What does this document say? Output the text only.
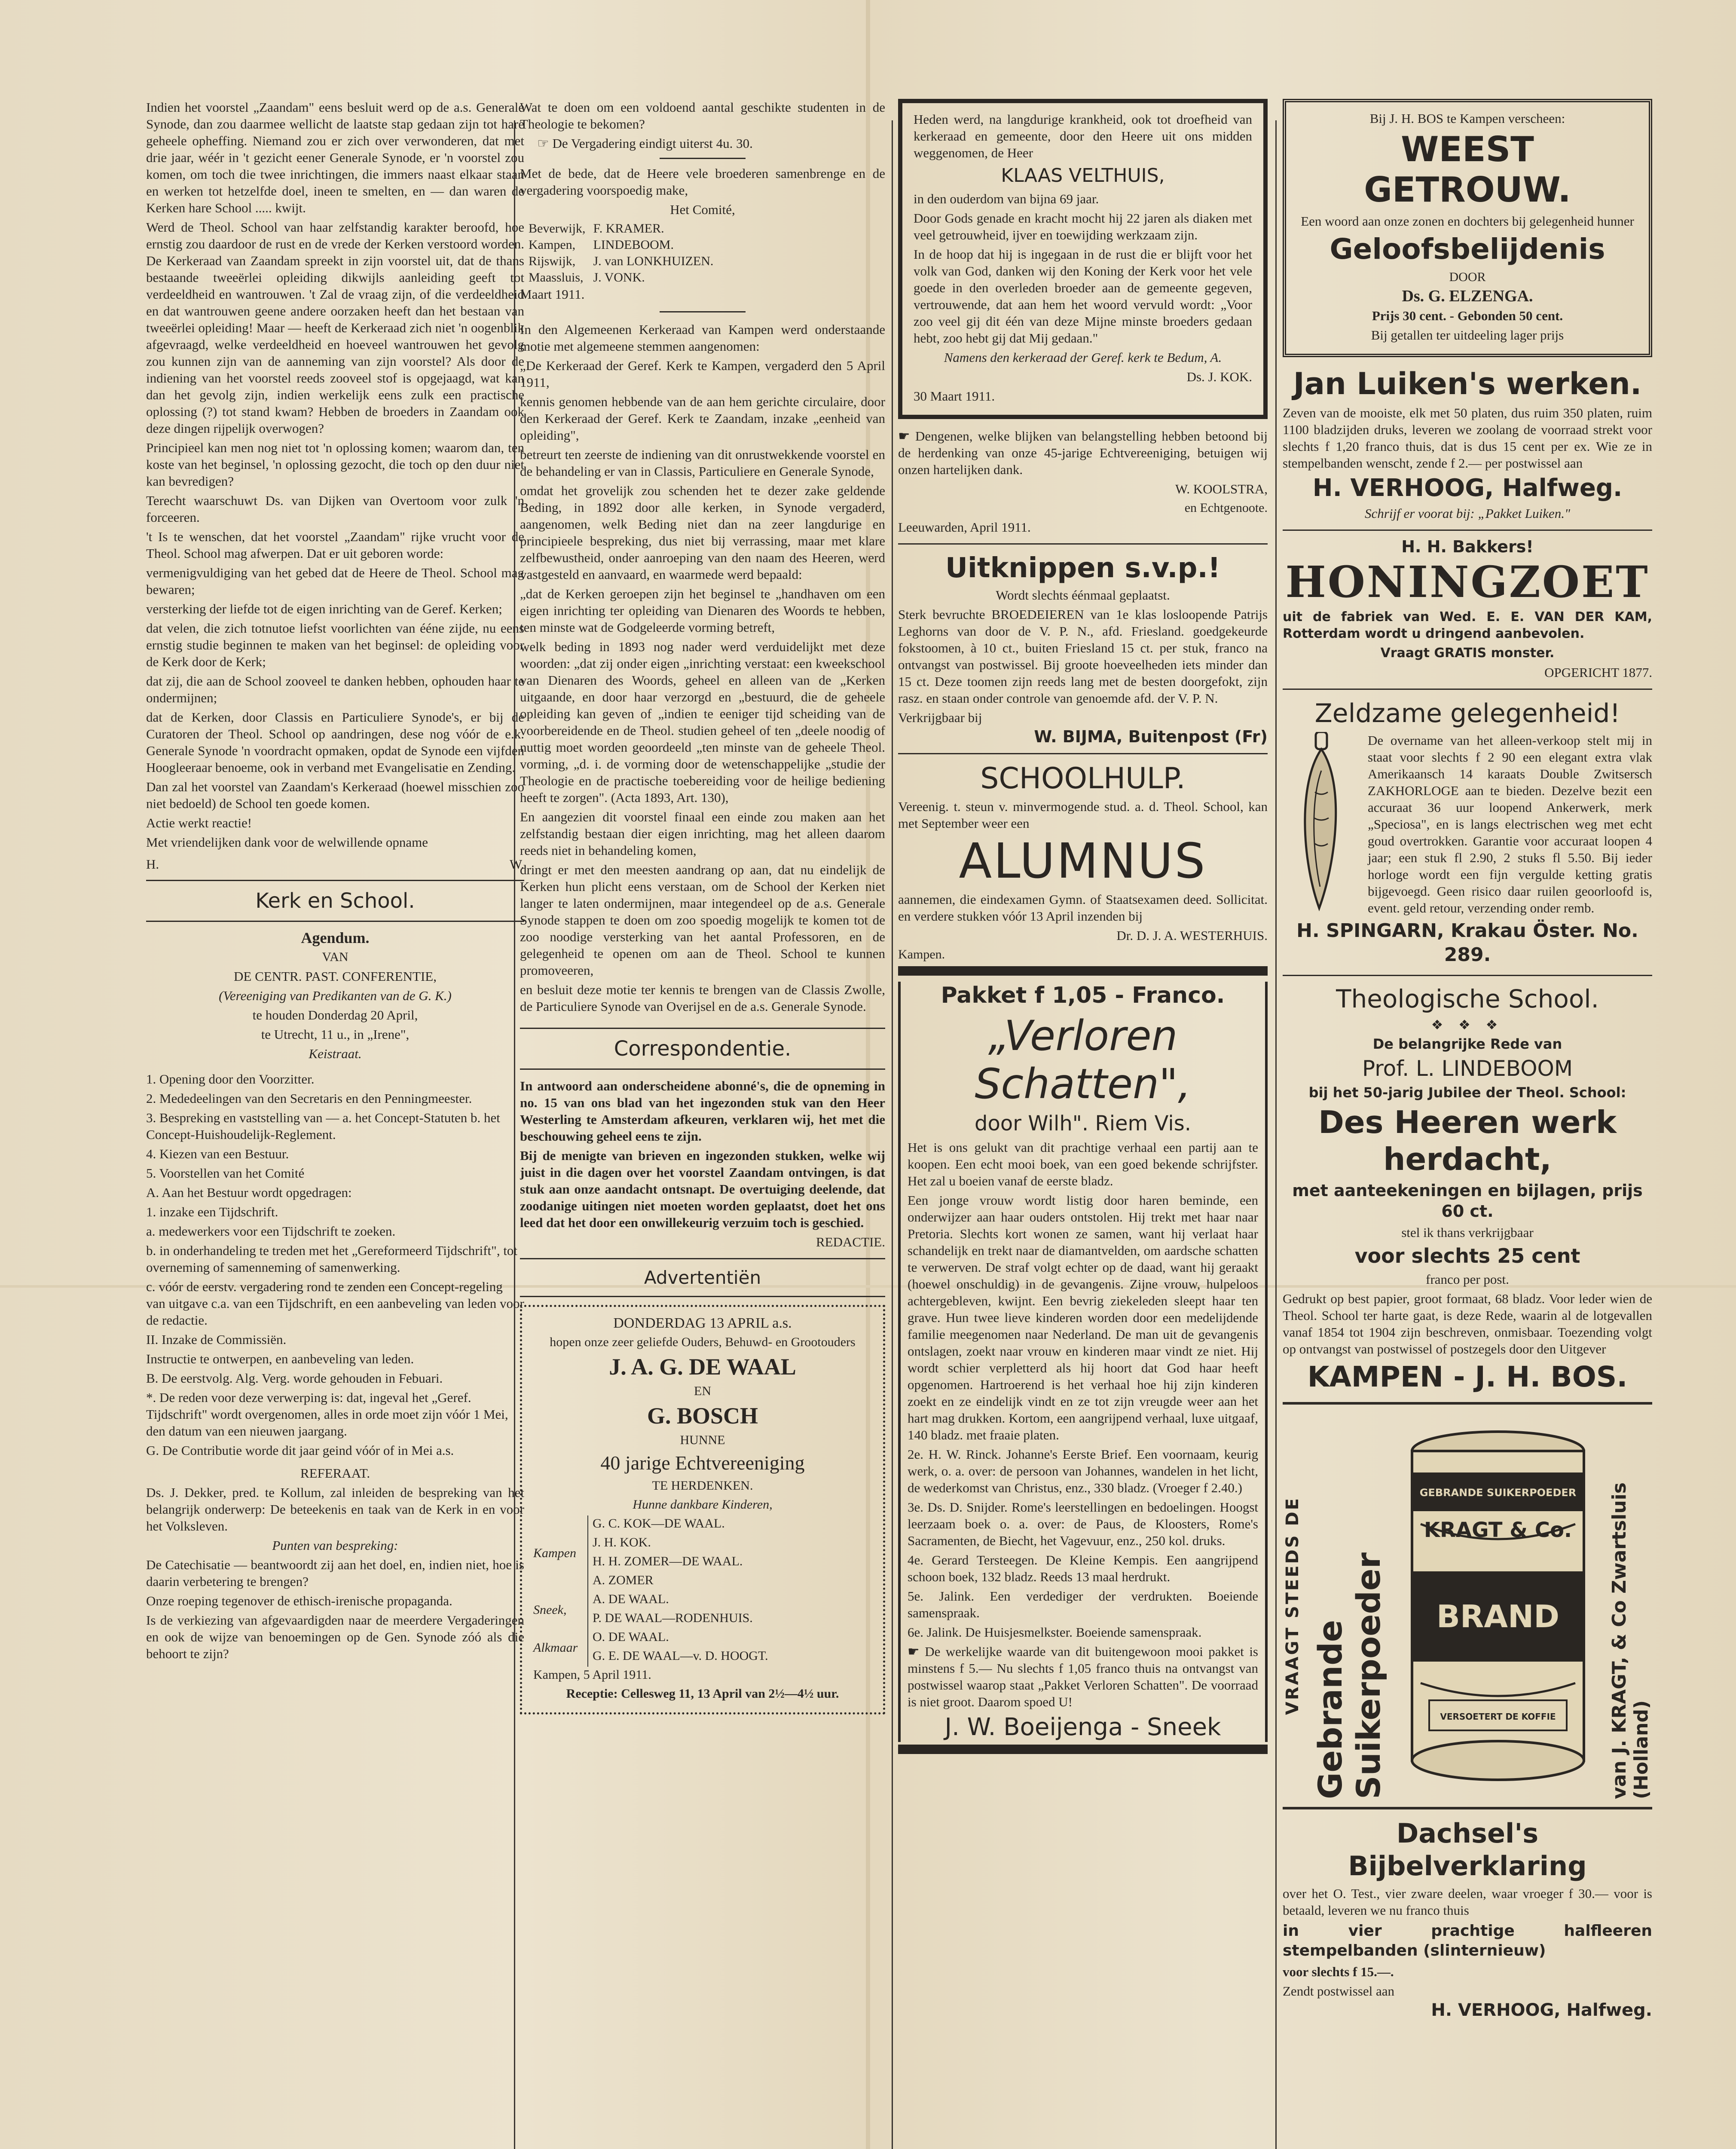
Indien het voorstel „Zaandam" eens besluit werd op de a.s. Generale Synode, dan zou daarmee wellicht de laatste stap gedaan zijn tot hare geheele opheffing. Niemand zou er zich over verwonderen, dat met drie jaar, wéér in 't gezicht eener Generale Synode, er 'n voorstel zou komen, om toch die twee inrichtingen, die immers naast elkaar staan en werken tot hetzelfde doel, ineen te smelten, en — dan waren de Kerken hare School ..... kwijt.

Werd de Theol. School van haar zelfstandig karakter beroofd, hoe ernstig zou daardoor de rust en de vrede der Kerken verstoord worden. De Kerkeraad van Zaandam spreekt in zijn voorstel uit, dat de thans bestaande tweeërlei opleiding dikwijls aanleiding geeft tot verdeeldheid en wantrouwen. 't Zal de vraag zijn, of die verdeeldheid en dat wantrouwen geene andere oorzaken heeft dan het bestaan van tweeërlei opleiding! Maar — heeft de Kerkeraad zich niet 'n oogenblik afgevraagd, welke verdeeldheid en hoeveel wantrouwen het gevolg zou kunnen zijn van de aanneming van zijn voorstel? Als door de indiening van het voorstel reeds zooveel stof is opgejaagd, wat kan dan het gevolg zijn, indien werkelijk eens zulk een practische oplossing (?) tot stand kwam? Hebben de broeders in Zaandam ook deze dingen rijpelijk overwogen?

Principieel kan men nog niet tot 'n oplossing komen; waarom dan, ten koste van het beginsel, 'n oplossing gezocht, die toch op den duur niet kan bevredigen?

Terecht waarschuwt Ds. van Dijken van Overtoom voor zulk 'n forceeren.

't Is te wenschen, dat het voorstel „Zaandam" rijke vrucht voor de Theol. School mag afwerpen. Dat er uit geboren worde:

vermenigvuldiging van het gebed dat de Heere de Theol. School mag bewaren;

versterking der liefde tot de eigen inrichting van de Geref. Kerken;

dat velen, die zich totnutoe liefst voorlichten van ééne zijde, nu eens ernstig studie beginnen te maken van het beginsel: de opleiding voor de Kerk door de Kerk;

dat zij, die aan de School zooveel te danken hebben, ophouden haar te ondermijnen;

dat de Kerken, door Classis en Particuliere Synode's, er bij de Curatoren der Theol. School op aandringen, dese nog vóór de e.k. Generale Synode 'n voordracht opmaken, opdat de Synode een vijfden Hoogleeraar benoeme, ook in verband met Evangelisatie en Zending.

Dan zal het voorstel van Zaandam's Kerkeraad (hoewel misschien zoo niet bedoeld) de School ten goede komen.

Actie werkt reactie!

Met vriendelijken dank voor de welwillende opname

H.	W.
Kerk en School.

Agendum.

VAN

DE CENTR. PAST. CONFERENTIE,

(Vereeniging van Predikanten van de G. K.)

te houden Donderdag 20 April,

te Utrecht, 11 u., in „Irene",

Keistraat.

1. Opening door den Voorzitter.

2. Mededeelingen van den Secretaris en den Penningmeester.

3. Bespreking en vaststelling van — a. het Concept-Statuten b. het Concept-Huishoudelijk-Reglement.

4. Kiezen van een Bestuur.

5. Voorstellen van het Comité

A. Aan het Bestuur wordt opgedragen:

1. inzake een Tijdschrift.

a. medewerkers voor een Tijdschrift te zoeken.

b. in onderhandeling te treden met het „Gereformeerd Tijdschrift", tot overneming of samenneming of samenwerking.

c. vóór de eerstv. vergadering rond te zenden een Concept-regeling van uitgave c.a. van een Tijdschrift, en een aanbeveling van leden voor de redactie.

II. Inzake de Commissiën.

Instructie te ontwerpen, en aanbeveling van leden.

B. De eerstvolg. Alg. Verg. worde gehouden in Febuari.

*. De reden voor deze verwerping is: dat, ingeval het „Geref. Tijdschrift" wordt overgenomen, alles in orde moet zijn vóór 1 Mei, den datum van een nieuwen jaargang.

G. De Contributie worde dit jaar geind vóór of in Mei a.s.

REFERAAT.

Ds. J. Dekker, pred. te Kollum, zal inleiden de bespreking van het belangrijk onderwerp: De beteekenis en taak van de Kerk in en voor het Volksleven.

Punten van bespreking:

De Catechisatie — beantwoordt zij aan het doel, en, indien niet, hoe is daarin verbetering te brengen?

Onze roeping tegenover de ethisch-irenische propaganda.

Is de verkiezing van afgevaardigden naar de meerdere Vergaderingen en ook de wijze van benoemingen op de Gen. Synode zóó als die behoort te zijn?

Wat te doen om een voldoend aantal geschikte studenten in de Theologie te bekomen?

☞ De Vergadering eindigt uiterst 4u. 30.

Met de bede, dat de Heere vele broederen samenbrenge en de vergadering voorspoedig make,

Het Comité,

Beverwijk,	F. KRAMER.
Kampen,	LINDEBOOM.
Rijswijk,	J. van LONKHUIZEN.
Maassluis,	J. VONK.

Maart 1911.

In den Algemeenen Kerkeraad van Kampen werd onderstaande motie met algemeene stemmen aangenomen:

„De Kerkeraad der Geref. Kerk te Kampen, vergaderd den 5 April 1911,

kennis genomen hebbende van de aan hem gerichte circulaire, door den Kerkeraad der Geref. Kerk te Zaandam, inzake „eenheid van opleiding",

betreurt ten zeerste de indiening van dit onrustwekkende voorstel en de behandeling er van in Classis, Particuliere en Generale Synode,

omdat het grovelijk zou schenden het te dezer zake geldende Beding, in 1892 door alle kerken, in Synode vergaderd, aangenomen, welk Beding niet dan na zeer langdurige en principieele bespreking, dus niet bij verrassing, maar met klare zelfbewustheid, onder aanroeping van den naam des Heeren, werd vastgesteld en aanvaard, en waarmede werd bepaald:

„dat de Kerken geroepen zijn het beginsel te „handhaven om een eigen inrichting ter opleiding van Dienaren des Woords te hebben, ten minste wat de Godgeleerde vorming betreft,

welk beding in 1893 nog nader werd verduidelijkt met deze woorden: „dat zij onder eigen „inrichting verstaat: een kweekschool van Dienaren des Woords, geheel en alleen van de „Kerken uitgaande, en door haar verzorgd en „bestuurd, die de geheele opleiding kan geven of „indien te eeniger tijd scheiding van de voorbereidende en de Theol. studien geheel of ten „deele noodig of nuttig moet worden geoordeeld „ten minste van de geheele Theol. vorming, „d. i. de vorming door de wetenschappelijke „studie der Theologie en de practische toebereiding voor de heilige bediening heeft te zorgen". (Acta 1893, Art. 130),

En aangezien dit voorstel finaal een einde zou maken aan het zelfstandig bestaan dier eigen inrichting, mag het alleen daarom reeds niet in behandeling komen,

dringt er met den meesten aandrang op aan, dat nu eindelijk de Kerken hun plicht eens verstaan, om de School der Kerken niet langer te laten ondermijnen, maar integendeel op de a.s. Generale Synode stappen te doen om zoo spoedig mogelijk te komen tot de zoo noodige versterking van het aantal Professoren, en de gelegenheid te openen om aan de Theol. School te kunnen promoveeren,

en besluit deze motie ter kennis te brengen van de Classis Zwolle, de Particuliere Synode van Overijsel en de a.s. Generale Synode.

Correspondentie.

In antwoord aan onderscheidene abonné's, die de opneming in no. 15 van ons blad van het ingezonden stuk van den Heer Westerling te Amsterdam afkeuren, verklaren wij, het met die beschouwing geheel eens te zijn.

Bij de menigte van brieven en ingezonden stukken, welke wij juist in die dagen over het voorstel Zaandam ontvingen, is dat stuk aan onze aandacht ontsnapt. De overtuiging deelende, dat zoodanige uitingen niet moeten worden geplaatst, doet het ons leed dat het door een onwillekeurig verzuim toch is geschied.

REDACTIE.

Advertentiën

DONDERDAG 13 APRIL a.s.

hopen onze zeer geliefde Ouders, Behuwd- en Grootouders

J. A. G. DE WAAL

EN

G. BOSCH

HUNNE

40 jarige Echtvereeniging

TE HERDENKEN.

Hunne dankbare Kinderen,

Kampen

G. C. KOK—DE WAAL.

J. H. KOK.

H. H. ZOMER—DE WAAL.

A. ZOMER

Sneek,

A. DE WAAL.

P. DE WAAL—RODENHUIS.

Alkmaar

O. DE WAAL.

G. E. DE WAAL—v. D. HOOGT.

Kampen, 5 April 1911.

Receptie: Cellesweg 11, 13 April van 2½—4½ uur.

Heden werd, na langdurige krankheid, ook tot droefheid van kerkeraad en gemeente, door den Heere uit ons midden weggenomen, de Heer

KLAAS VELTHUIS,

in den ouderdom van bijna 69 jaar.

Door Gods genade en kracht mocht hij 22 jaren als diaken met veel getrouwheid, ijver en toewijding werkzaam zijn.

In de hoop dat hij is ingegaan in de rust die er blijft voor het volk van God, danken wij den Koning der Kerk voor het vele goede in den overleden broeder aan de gemeente gegeven, vertrouwende, dat aan hem het woord vervuld wordt: „Voor zoo veel gij dit één van deze Mijne minste broeders gedaan hebt, zoo hebt gij dat Mij gedaan."

Namens den kerkeraad der Geref. kerk te Bedum, A.

Ds. J. KOK.

30 Maart 1911.

☛ Dengenen, welke blijken van belangstelling hebben betoond bij de herdenking van onze 45-jarige Echtvereeniging, betuigen wij onzen hartelijken dank.

W. KOOLSTRA,

en Echtgenoote.

Leeuwarden, April 1911.

Uitknippen s.v.p.!

Wordt slechts éénmaal geplaatst.

Sterk bevruchte BROEDEIEREN van 1e klas losloopende Patrijs Leghorns van door de V. P. N., afd. Friesland. goedgekeurde fokstoomen, à 10 ct., buiten Friesland 15 ct. per stuk, franco na ontvangst van postwissel. Bij groote hoeveelheden iets minder dan 15 ct. Deze toomen zijn reeds lang met de besten doorgefokt, zijn rasz. en staan onder controle van genoemde afd. der V. P. N.

Verkrijgbaar bij

W. BIJMA, Buitenpost (Fr)

SCHOOLHULP.

Vereenig. t. steun v. minvermogende stud. a. d. Theol. School, kan met September weer een

ALUMNUS

aannemen, die eindexamen Gymn. of Staatsexamen deed. Sollicitat. en verdere stukken vóór 13 April inzenden bij

Dr. D. J. A. WESTERHUIS.

Kampen.

Pakket f 1,05 - Franco.

„Verloren Schatten",

door Wilh". Riem Vis.

Het is ons gelukt van dit prachtige verhaal een partij aan te koopen. Een echt mooi boek, van een goed bekende schrijfster. Het zal u boeien vanaf de eerste bladz.

Een jonge vrouw wordt listig door haren beminde, een onderwijzer aan haar ouders ontstolen. Hij trekt met haar naar Pretoria. Slechts kort wonen ze samen, want hij verlaat haar schandelijk en trekt naar de diamantvelden, om aardsche schatten te verwerven. De straf volgt echter op de daad, want hij geraakt (hoewel onschuldig) in de gevangenis. Zijne vrouw, hulpeloos achtergebleven, kwijnt. Een bevrig ziekeleden sleept haar ten grave. Hun twee lieve kinderen worden door een medelijdende familie meegenomen naar Nederland. De man uit de gevangenis ontslagen, zoekt naar vrouw en kinderen maar vindt ze niet. Hij wordt schier verpletterd als hij hoort dat God haar heeft opgenomen. Hartroerend is het verhaal hoe hij zijn kinderen zoekt en ze eindelijk vindt en ze tot zijn vreugde weer aan het hart mag drukken. Kortom, een aangrijpend verhaal, luxe uitgaaf, 140 bladz. met fraaie platen.

2e. H. W. Rinck. Johanne's Eerste Brief. Een voornaam, keurig werk, o. a. over: de persoon van Johannes, wandelen in het licht, de wederkomst van Christus, enz., 330 bladz. (Vroeger f 2.40.)

3e. Ds. D. Snijder. Rome's leerstellingen en bedoelingen. Hoogst leerzaam boek o. a. over: de Paus, de Kloosters, Rome's Sacramenten, de Biecht, het Vagevuur, enz., 250 kol. druks.

4e. Gerard Tersteegen. De Kleine Kempis. Een aangrijpend schoon boek, 132 bladz. Reeds 13 maal herdrukt.

5e. Jalink. Een verdediger der verdrukten. Boeiende samenspraak.

6e. Jalink. De Huisjesmelkster. Boeiende samenspraak.

☛ De werkelijke waarde van dit buitengewoon mooi pakket is minstens f 5.— Nu slechts f 1,05 franco thuis na ontvangst van postwissel waarop staat „Pakket Verloren Schatten". De voorraad is niet groot. Daarom spoed U!

J. W. Boeijenga - Sneek

Bij J. H. BOS te Kampen verscheen:

WEEST GETROUW.

Een woord aan onze zonen en dochters bij gelegenheid hunner

Geloofsbelijdenis

DOOR

Ds. G. ELZENGA.

Prijs 30 cent. - Gebonden 50 cent.

Bij getallen ter uitdeeling lager prijs

Jan Luiken's werken.

Zeven van de mooiste, elk met 50 platen, dus ruim 350 platen, ruim 1100 bladzijden druks, leveren we zoolang de voorraad strekt voor slechts f 1,20 franco thuis, dat is dus 15 cent per ex. Wie ze in stempelbanden wenscht, zende f 2.— per postwissel aan

H. VERHOOG, Halfweg.

Schrijf er voorat bij: „Pakket Luiken."

H. H. Bakkers!

HONINGZOET

uit de fabriek van Wed. E. E. VAN DER KAM, Rotterdam wordt u dringend aanbevolen.

Vraagt GRATIS monster.

OPGERICHT 1877.

Zeldzame gelegenheid!

De overname van het alleen-verkoop stelt mij in staat voor slechts f 2 90 een elegant extra vlak Amerikaansch 14 karaats Double Zwitsersch ZAKHORLOGE aan te bieden. Dezelve bezit een accuraat 36 uur loopend Ankerwerk, merk „Speciosa", en is langs electrischen weg met echt goud overtrokken. Garantie voor accuraat loopen 4 jaar; een stuk fl 2.90, 2 stuks fl 5.50. Bij ieder horloge wordt een fijn vergulde ketting gratis bijgevoegd. Geen risico daar ruilen geoorloofd is, event. geld retour, verzending onder remb.

H. SPINGARN, Krakau Öster. No. 289.

Theologische School.

❖ ❖ ❖

De belangrijke Rede van

Prof. L. LINDEBOOM

bij het 50-jarig Jubilee der Theol. School:

Des Heeren werk herdacht,

met aanteekeningen en bijlagen, prijs 60 ct.

stel ik thans verkrijgbaar

voor slechts 25 cent

franco per post.

Gedrukt op best papier, groot formaat, 68 bladz. Voor leder wien de Theol. School ter harte gaat, is deze Rede, waarin al de lotgevallen vanaf 1854 tot 1904 zijn beschreven, onmisbaar. Toezending volgt op ontvangst van postwissel of postzegels door den Uitgever

KAMPEN - J. H. BOS.

VRAAGT STEEDS DE Gebrande Suikerpoeder
KRAGT & Co.
GEBRANDE SUIKERPOEDER
BRAND
VERSOETERT DE KOFFIE	van J. KRAGT, & Co Zwartsluis (Holland)

Dachsel's Bijbelverklaring

over het O. Test., vier zware deelen, waar vroeger f 30.— voor is betaald, leveren we nu franco thuis

in vier prachtige halfleeren stempelbanden (slinternieuw)

voor slechts f 15.—.

Zendt postwissel aan

H. VERHOOG, Halfweg.
